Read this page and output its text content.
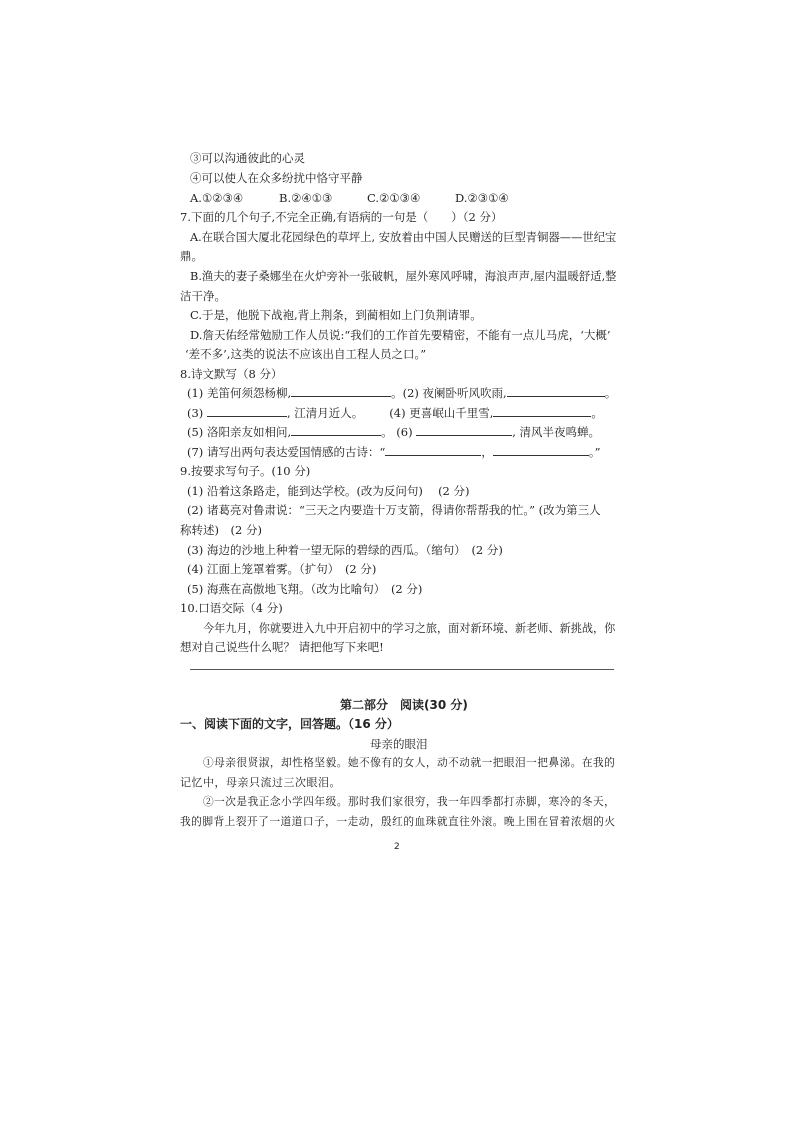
③可以沟通彼此的心灵
④可以使人在众多纷扰中恪守平静
A.①②③④	B.②④①③	C.②①③④	D.②③①④
7.下面的几个句子,不完全正确,有语病的一句是（　　）（2 分）
A.在联合国大厦北花园绿色的草坪上, 安放着由中国人民赠送的巨型青铜器——世纪宝
鼎。
B.渔夫的妻子桑娜坐在火炉旁补一张破帆，屋外寒风呼啸，海浪声声,屋内温暖舒适,整
洁干净。
C.于是，他脱下战袍,背上荆条，到蔺相如上门负荆请罪。
D.詹天佑经常勉励工作人员说:“我们的工作首先要精密，不能有一点儿马虎，‘大概’
‘差不多’,这类的说法不应该出自工程人员之口。”
8.诗文默写（8 分）
(1) 羌笛何须怨杨柳,	。(2) 夜阑卧听风吹雨,	。
(3)	, 江清月近人。 (4) 更喜岷山千里雪,	。
(5) 洛阳亲友如相问,	。 (6)	, 清风半夜鸣蝉。
(7) 请写出两句表达爱国情感的古诗：“	，	。”
9.按要求写句子。(10 分)
(1) 沿着这条路走，能到达学校。(改为反问句)　 (2 分)
(2) 诸葛亮对鲁肃说：“三天之内要造十万支箭，得请你帮帮我的忙。” (改为第三人
称转述)　(2 分)
(3) 海边的沙地上种着一望无际的碧绿的西瓜。（缩句）　(2 分)
(4) 江面上笼罩着雾。（扩句）　(2 分)
(5) 海燕在高傲地飞翔。（改为比喻句）　(2 分)
10.口语交际（4 分)
今年九月，你就要进入九中开启初中的学习之旅，面对新环境、新老师、新挑战，你
想对自己说些什么呢？ 请把他写下来吧!
第二部分　阅读(30 分)
一、阅读下面的文字，回答题。（16 分）
母亲的眼泪
①母亲很贤淑，却性格坚毅。她不像有的女人，动不动就一把眼泪一把鼻涕。在我的
记忆中，母亲只流过三次眼泪。
②一次是我正念小学四年级。那时我们家很穷，我一年四季都打赤脚，寒冷的冬天，
我的脚背上裂开了一道道口子，一走动，殷红的血珠就直往外滚。晚上围在冒着浓烟的火
2
